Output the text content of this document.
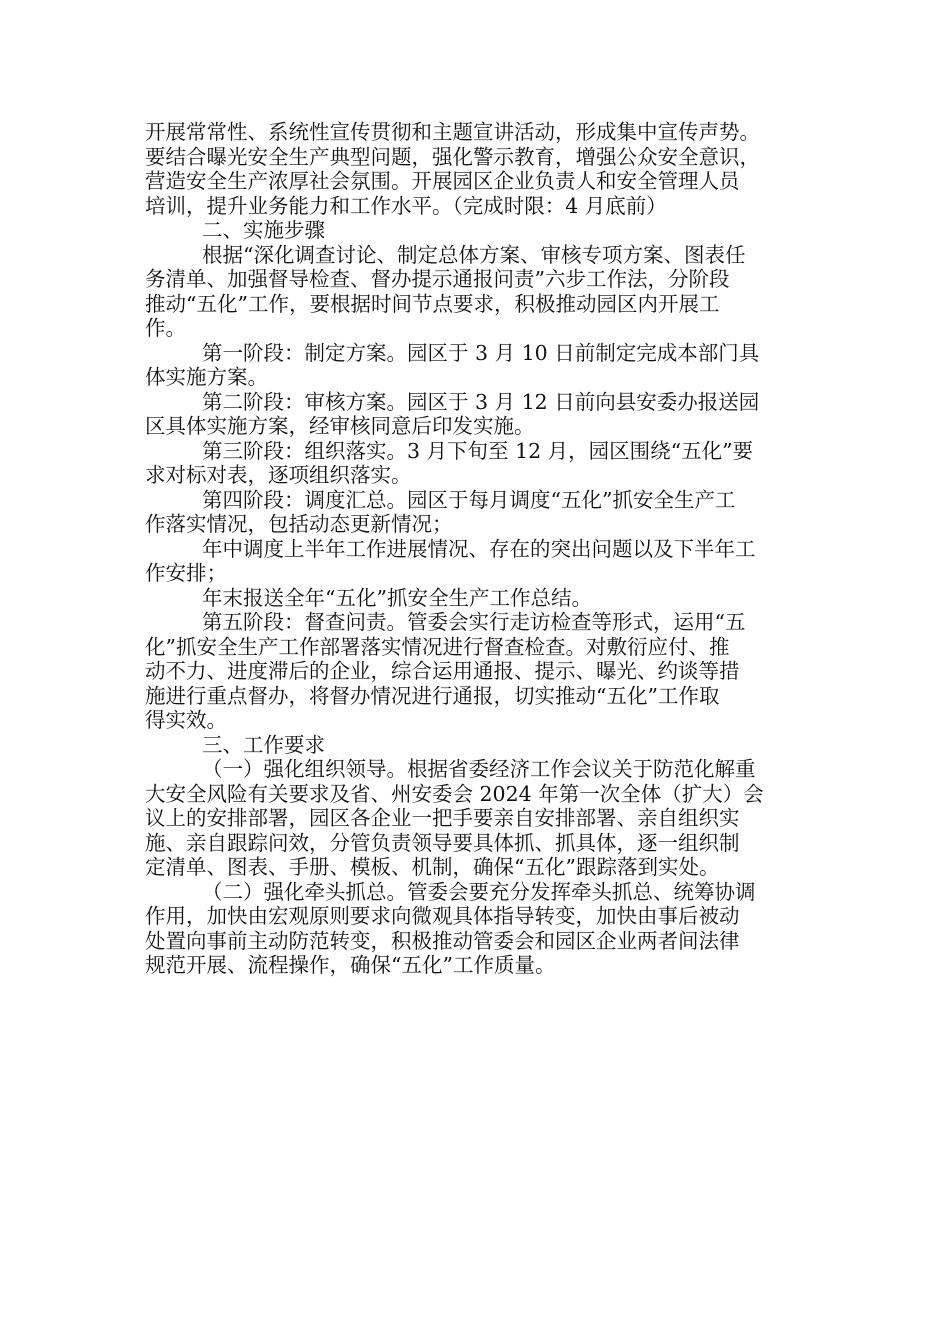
开展常常性、系统性宣传贯彻和主题宣讲活动，形成集中宣传声势。
要结合曝光安全生产典型问题，强化警示教育，增强公众安全意识，
营造安全生产浓厚社会氛围。开展园区企业负责人和安全管理人员
培训，提升业务能力和工作水平。（完成时限：4 月底前）
二、实施步骤
根据“深化调查讨论、制定总体方案、审核专项方案、图表任
务清单、加强督导检查、督办提示通报问责”六步工作法，分阶段
推动“五化”工作，要根据时间节点要求，积极推动园区内开展工
作。
第一阶段：制定方案。园区于 3 月 10 日前制定完成本部门具
体实施方案。
第二阶段：审核方案。园区于 3 月 12 日前向县安委办报送园
区具体实施方案，经审核同意后印发实施。
第三阶段：组织落实。3 月下旬至 12 月，园区围绕“五化”要
求对标对表，逐项组织落实。
第四阶段：调度汇总。园区于每月调度“五化”抓安全生产工
作落实情况，包括动态更新情况；
年中调度上半年工作进展情况、存在的突出问题以及下半年工
作安排；
年末报送全年“五化”抓安全生产工作总结。
第五阶段：督查问责。管委会实行走访检查等形式，运用“五
化”抓安全生产工作部署落实情况进行督查检查。对敷衍应付、推
动不力、进度滞后的企业，综合运用通报、提示、曝光、约谈等措
施进行重点督办，将督办情况进行通报，切实推动“五化”工作取
得实效。
三、工作要求
（一）强化组织领导。根据省委经济工作会议关于防范化解重
大安全风险有关要求及省、州安委会 2024 年第一次全体（扩大）会
议上的安排部署，园区各企业一把手要亲自安排部署、亲自组织实
施、亲自跟踪问效，分管负责领导要具体抓、抓具体，逐一组织制
定清单、图表、手册、模板、机制，确保“五化”跟踪落到实处。
（二）强化牵头抓总。管委会要充分发挥牵头抓总、统筹协调
作用，加快由宏观原则要求向微观具体指导转变，加快由事后被动
处置向事前主动防范转变，积极推动管委会和园区企业两者间法律
规范开展、流程操作，确保“五化”工作质量。
